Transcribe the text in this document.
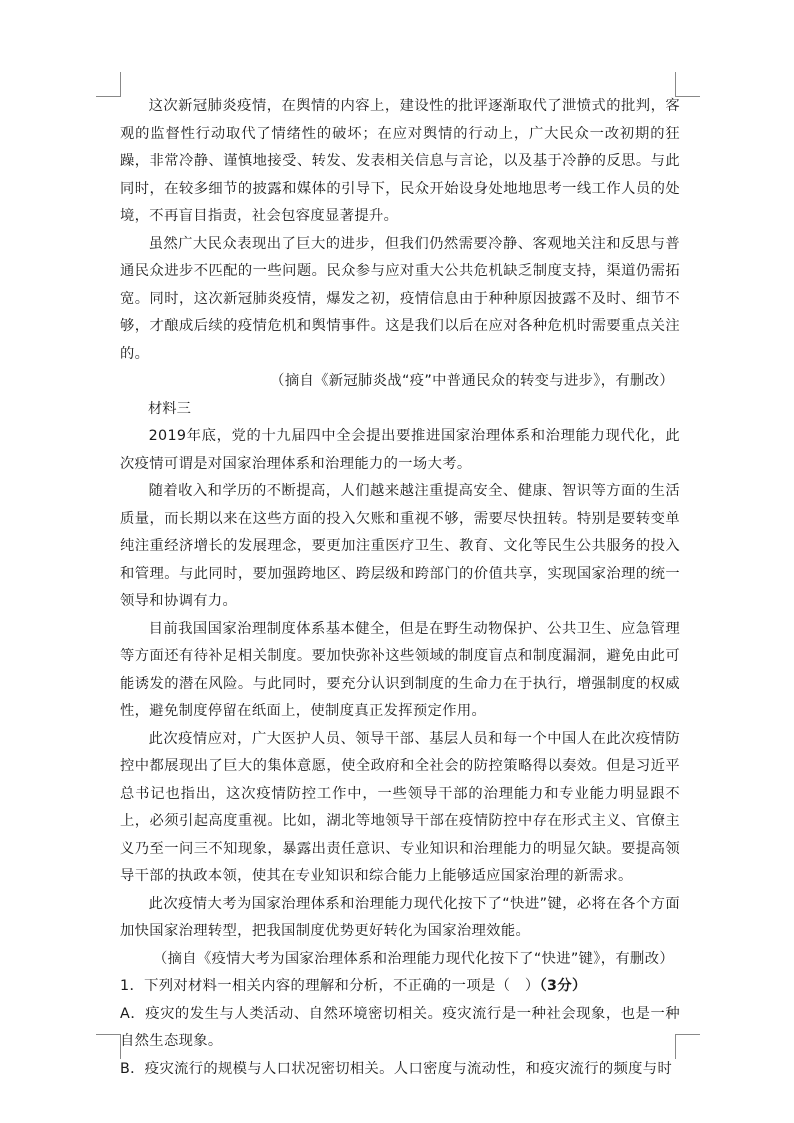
这次新冠肺炎疫情，在舆情的内容上，建设性的批评逐渐取代了泄愤式的批判，客观的监督性行动取代了情绪性的破坏；在应对舆情的行动上，广大民众一改初期的狂躁，非常冷静、谨慎地接受、转发、发表相关信息与言论，以及基于冷静的反思。与此同时，在较多细节的披露和媒体的引导下，民众开始设身处地地思考一线工作人员的处境，不再盲目指责，社会包容度显著提升。

虽然广大民众表现出了巨大的进步，但我们仍然需要冷静、客观地关注和反思与普通民众进步不匹配的一些问题。民众参与应对重大公共危机缺乏制度支持，渠道仍需拓宽。同时，这次新冠肺炎疫情，爆发之初，疫情信息由于种种原因披露不及时、细节不够，才酿成后续的疫情危机和舆情事件。这是我们以后在应对各种危机时需要重点关注的。

（摘自《新冠肺炎战“疫”中普通民众的转变与进步》，有删改）

材料三

2019年底，党的十九届四中全会提出要推进国家治理体系和治理能力现代化，此次疫情可谓是对国家治理体系和治理能力的一场大考。

随着收入和学历的不断提高，人们越来越注重提高安全、健康、智识等方面的生活质量，而长期以来在这些方面的投入欠账和重视不够，需要尽快扭转。特别是要转变单纯注重经济增长的发展理念，要更加注重医疗卫生、教育、文化等民生公共服务的投入和管理。与此同时，要加强跨地区、跨层级和跨部门的价值共享，实现国家治理的统一领导和协调有力。

目前我国国家治理制度体系基本健全，但是在野生动物保护、公共卫生、应急管理等方面还有待补足相关制度。要加快弥补这些领域的制度盲点和制度漏洞，避免由此可能诱发的潜在风险。与此同时，要充分认识到制度的生命力在于执行，增强制度的权威性，避免制度停留在纸面上，使制度真正发挥预定作用。

此次疫情应对，广大医护人员、领导干部、基层人员和每一个中国人在此次疫情防控中都展现出了巨大的集体意愿，使全政府和全社会的防控策略得以奏效。但是习近平总书记也指出，这次疫情防控工作中，一些领导干部的治理能力和专业能力明显跟不上，必须引起高度重视。比如，湖北等地领导干部在疫情防控中存在形式主义、官僚主义乃至一问三不知现象，暴露出责任意识、专业知识和治理能力的明显欠缺。要提高领导干部的执政本领，使其在专业知识和综合能力上能够适应国家治理的新需求。

此次疫情大考为国家治理体系和治理能力现代化按下了“快进”键，必将在各个方面加快国家治理转型，把我国制度优势更好转化为国家治理效能。

（摘自《疫情大考为国家治理体系和治理能力现代化按下了“快进”键》，有删改）

1．下列对材料一相关内容的理解和分析，不正确的一项是（　）（3分）

A．疫灾的发生与人类活动、自然环境密切相关。疫灾流行是一种社会现象，也是一种自然生态现象。

B．疫灾流行的规模与人口状况密切相关。人口密度与流动性，和疫灾流行的频度与时
